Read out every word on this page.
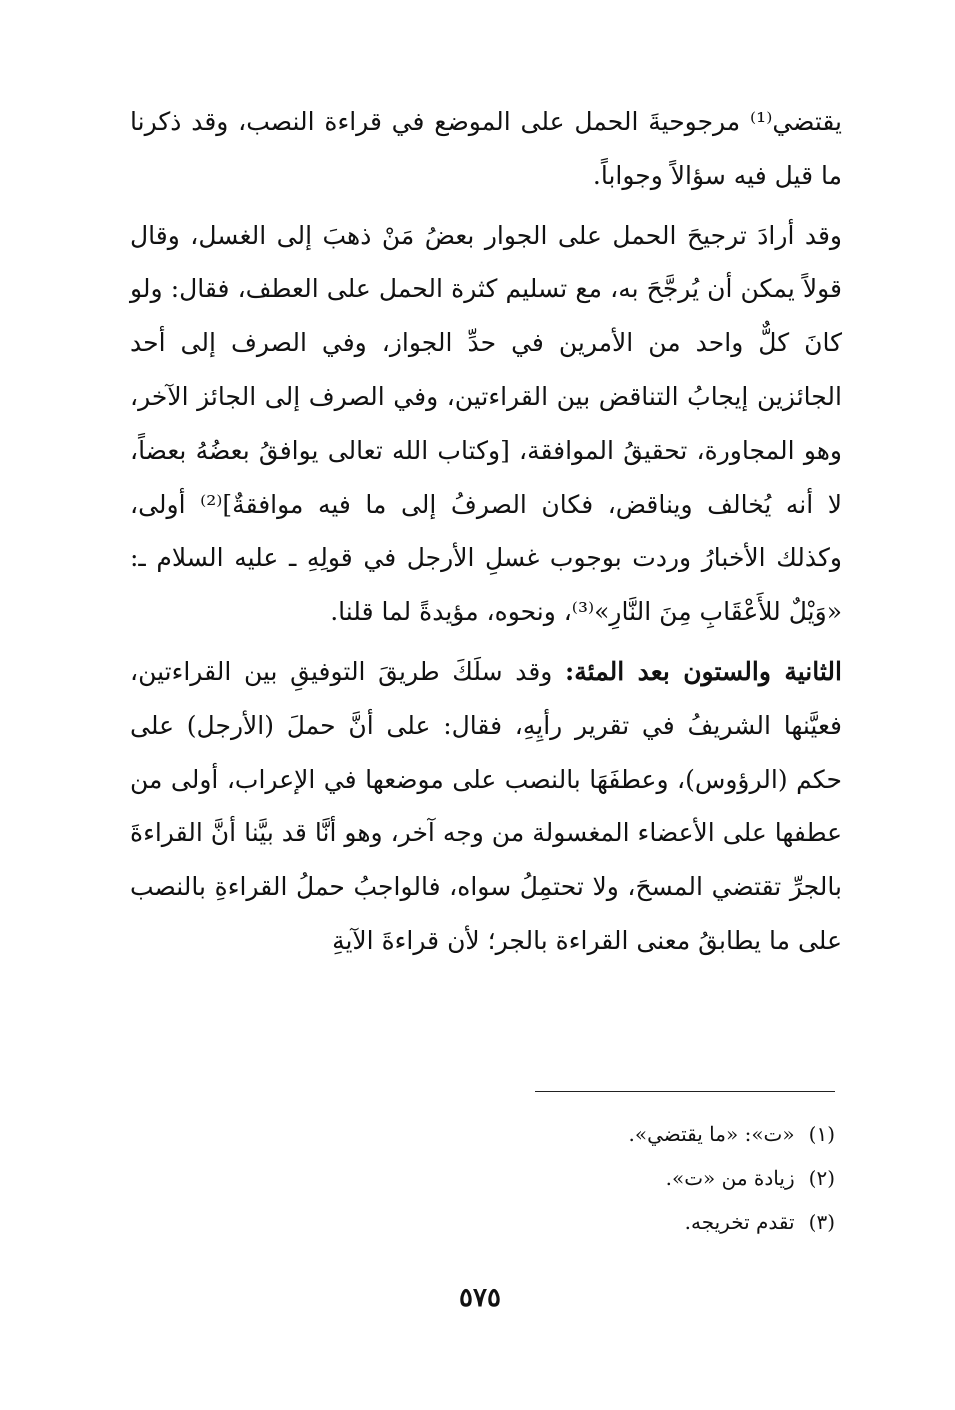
يقتضي⁽¹⁾ مرجوحيةَ الحمل على الموضع في قراءة النصب، وقد ذكرنا ما قيل فيه سؤالاً وجواباً.

وقد أرادَ ترجيحَ الحمل على الجوار بعضُ مَنْ ذهبَ إلى الغسل، وقال قولاً يمكن أن يُرجَّحَ به، مع تسليم كثرة الحمل على العطف، فقال: ولو كانَ كلٌّ واحد من الأمرين في حدِّ الجواز، وفي الصرف إلى أحد الجائزين إيجابُ التناقض بين القراءتين، وفي الصرف إلى الجائز الآخر، وهو المجاورة، تحقيقُ الموافقة، [وكتاب الله تعالى يوافقُ بعضُهُ بعضاً، لا أنه يُخالف ويناقض، فكان الصرفُ إلى ما فيه موافقةٌ]⁽²⁾ أولى، وكذلك الأخبارُ وردت بوجوب غسلِ الأرجل في قولِهِ ـ عليه السلام ـ: «وَيْلٌ للأَعْقَابِ مِنَ النَّارِ»⁽³⁾، ونحوه، مؤيدةً لما قلنا.

الثانية والستون بعد المئة: وقد سلَكَ طريقَ التوفيقِ بين القراءتين، فعيَّنها الشريفُ في تقرير رأيِهِ، فقال: على أنَّ حملَ (الأرجل) على حكم (الرؤوس)، وعطفَهَا بالنصب على موضعها في الإعراب، أولى من عطفها على الأعضاء المغسولة من وجه آخر، وهو أنَّا قد بيَّنا أنَّ القراءةَ بالجرِّ تقتضي المسحَ، ولا تحتمِلُ سواه، فالواجبُ حملُ القراءةِ بالنصب على ما يطابقُ معنى القراءة بالجر؛ لأن قراءةَ الآيةِ

(١)«ت»: «ما يقتضي».
(٢)زيادة من «ت».
(٣)تقدم تخريجه.
٥٧٥
